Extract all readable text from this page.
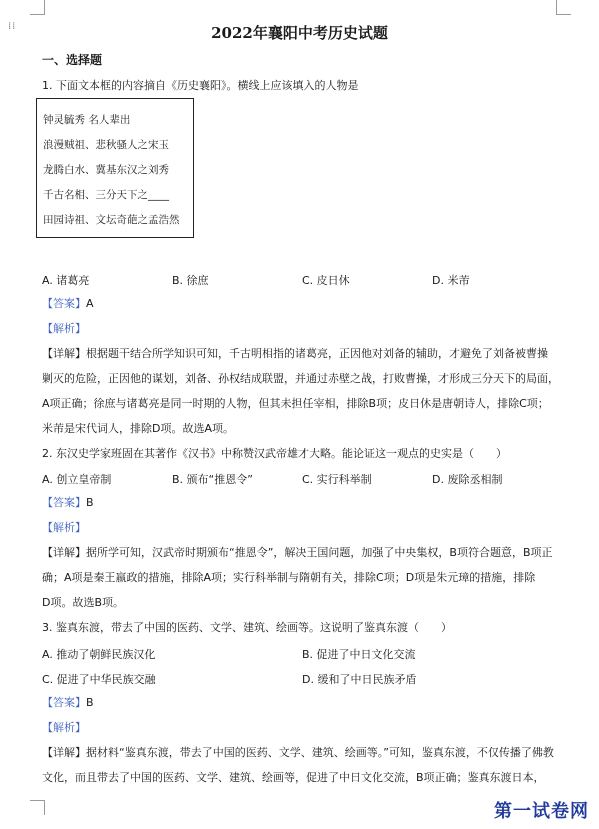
⁞⁞	2022年襄阳中考历史试题
一、选择题
1. 下面文本框的内容摘自《历史襄阳》。横线上应该填入的人物是
钟灵毓秀 名人辈出
浪漫贼祖、悲秋骚人之宋玉
龙腾白水、冀基东汉之刘秀
千古名相、三分天下之____
田园诗祖、文坛奇葩之孟浩然
A. 诸葛亮	B. 徐庶	C. 皮日休	D. 米芾
【答案】A
【解析】
【详解】根据题干结合所学知识可知，千古明相指的诸葛亮，正因他对刘备的辅助，才避免了刘备被曹操
剿灭的危险，正因他的谋划，刘备、孙权结成联盟，并通过赤壁之战，打败曹操，才形成三分天下的局面，
A项正确；徐庶与诸葛亮是同一时期的人物，但其未担任宰相，排除B项；皮日休是唐朝诗人，排除C项；
米芾是宋代词人，排除D项。故选A项。
2. 东汉史学家班固在其著作《汉书》中称赞汉武帝雄才大略。能论证这一观点的史实是（　　）
A. 创立皇帝制	B. 颁布“推恩令”	C. 实行科举制	D. 废除丞相制
【答案】B
【解析】
【详解】据所学可知，汉武帝时期颁布“推恩令”，解决王国问题，加强了中央集权，B项符合题意，B项正
确；A项是秦王嬴政的措施，排除A项；实行科举制与隋朝有关，排除C项；D项是朱元璋的措施，排除
D项。故选B项。
3. 鉴真东渡，带去了中国的医药、文学、建筑、绘画等。这说明了鉴真东渡（　　）
A. 推动了朝鲜民族汉化	B. 促进了中日文化交流
C. 促进了中华民族交融	D. 缓和了中日民族矛盾
【答案】B
【解析】
【详解】据材料“鉴真东渡，带去了中国的医药、文学、建筑、绘画等。”可知，鉴真东渡，不仅传播了佛教
文化，而且带去了中国的医药、文学、建筑、绘画等，促进了中日文化交流，B项正确；鉴真东渡日本，
第一试卷网
